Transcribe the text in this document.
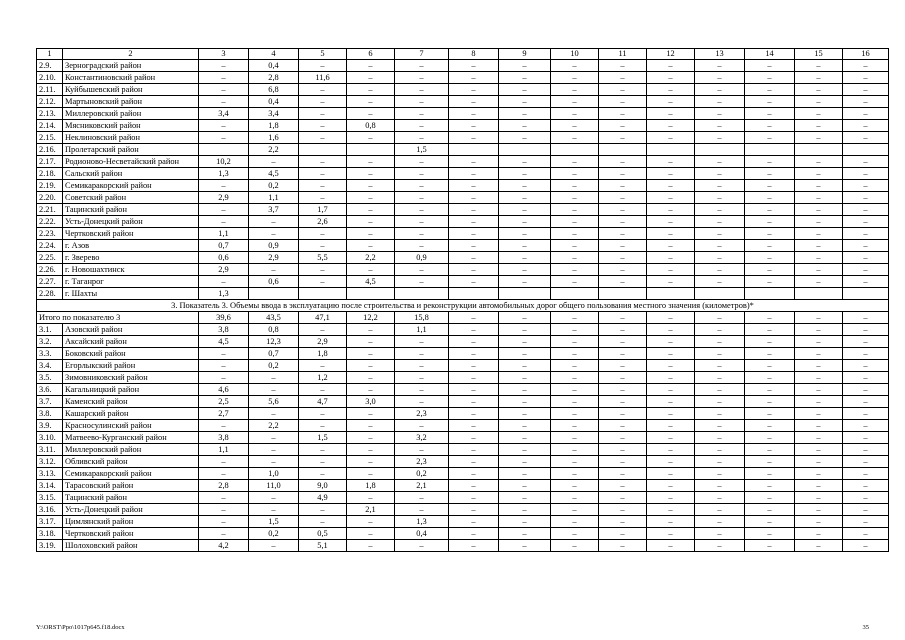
1	2	3	4	5	6	7	8	9	10	11	12	13	14	15	16
2.9.	Зерноградский район	–	0,4	–	–	–	–	–	–	–	–	–	–	–	–
2.10.	Константиновский район	–	2,8	11,6	–	–	–	–	–	–	–	–	–	–	–
2.11.	Куйбышевский район	–	6,8	–	–	–	–	–	–	–	–	–	–	–	–
2.12.	Мартыновский район	–	0,4	–	–	–	–	–	–	–	–	–	–	–	–
2.13.	Миллеровский район	3,4	3,4	–	–	–	–	–	–	–	–	–	–	–	–
2.14.	Мясниковский район	–	1,8	–	0,8	–	–	–	–	–	–	–	–	–	–
2.15.	Неклиновский район	–	1,6	–	–	–	–	–	–	–	–	–	–	–	–
2.16.	Пролетарский район		2,2			1,5									
2.17.	Родионово-Несветайский район	10,2	–	–	–	–	–	–	–	–	–	–	–	–	–
2.18.	Сальский район	1,3	4,5	–	–	–	–	–	–	–	–	–	–	–	–
2.19.	Семикаракорский район	–	0,2	–	–	–	–	–	–	–	–	–	–	–	–
2.20.	Советский район	2,9	1,1	–	–	–	–	–	–	–	–	–	–	–	–
2.21.	Тацинский район	–	3,7	1,7	–	–	–	–	–	–	–	–	–	–	–
2.22.	Усть-Донецкий район	–	–	2,6	–	–	–	–	–	–	–	–	–	–	–
2.23.	Чертковский район	1,1	–	–	–	–	–	–	–	–	–	–	–	–	–
2.24.	г. Азов	0,7	0,9	–	–	–	–	–	–	–	–	–	–	–	–
2.25.	г. Зверево	0,6	2,9	5,5	2,2	0,9	–	–	–	–	–	–	–	–	–
2.26.	г. Новошахтинск	2,9	–	–	–	–	–	–	–	–	–	–	–	–	–
2.27.	г. Таганрог	–	0,6	–	4,5	–	–	–	–	–	–	–	–	–	–
2.28.	г. Шахты	1,3													
3. Показатель 3. Объемы ввода в эксплуатацию после строительства и реконструкции автомобильных дорог общего пользования местного значения (километров)*															
Итого по показателю 3		39,6	43,5	47,1	12,2	15,8	–	–	–	–	–	–	–	–	–
3.1.	Азовский район	3,8	0,8	–	–	1,1	–	–	–	–	–	–	–	–	–
3.2.	Аксайский район	4,5	12,3	2,9	–	–	–	–	–	–	–	–	–	–	–
3.3.	Боковский район	–	0,7	1,8	–	–	–	–	–	–	–	–	–	–	–
3.4.	Егорлыкский район	–	0,2	–	–	–	–	–	–	–	–	–	–	–	–
3.5.	Зимовниковский район	–	–	1,2	–	–	–	–	–	–	–	–	–	–	–
3.6.	Кагальницкий район	4,6	–	–	–	–	–	–	–	–	–	–	–	–	–
3.7.	Каменский район	2,5	5,6	4,7	3,0	–	–	–	–	–	–	–	–	–	–
3.8.	Кашарский район	2,7	–	–	–	2,3	–	–	–	–	–	–	–	–	–
3.9.	Красносулинский район	–	2,2	–	–	–	–	–	–	–	–	–	–	–	–
3.10.	Матвеево-Курганский район	3,8	–	1,5	–	3,2	–	–	–	–	–	–	–	–	–
3.11.	Миллеровский район	1,1	–	–	–	–	–	–	–	–	–	–	–	–	–
3.12.	Обливский район	–	–	–	–	2,3	–	–	–	–	–	–	–	–	–
3.13.	Семикаракорский район	–	1,0	–	–	0,2	–	–	–	–	–	–	–	–	–
3.14.	Тарасовский район	2,8	11,0	9,0	1,8	2,1	–	–	–	–	–	–	–	–	–
3.15.	Тацинский район	–	–	4,9	–	–	–	–	–	–	–	–	–	–	–
3.16.	Усть-Донецкий район	–	–	–	2,1	–	–	–	–	–	–	–	–	–	–
3.17.	Цимлянский район	–	1,5	–	–	1,3	–	–	–	–	–	–	–	–	–
3.18.	Чертковский район	–	0,2	0,5	–	0,4	–	–	–	–	–	–	–	–	–
3.19.	Шолоховский район	4,2	–	5,1	–	–	–	–	–	–	–	–	–	–	–
Y:\ORST\Ppo\1017p645.f18.docx	35
